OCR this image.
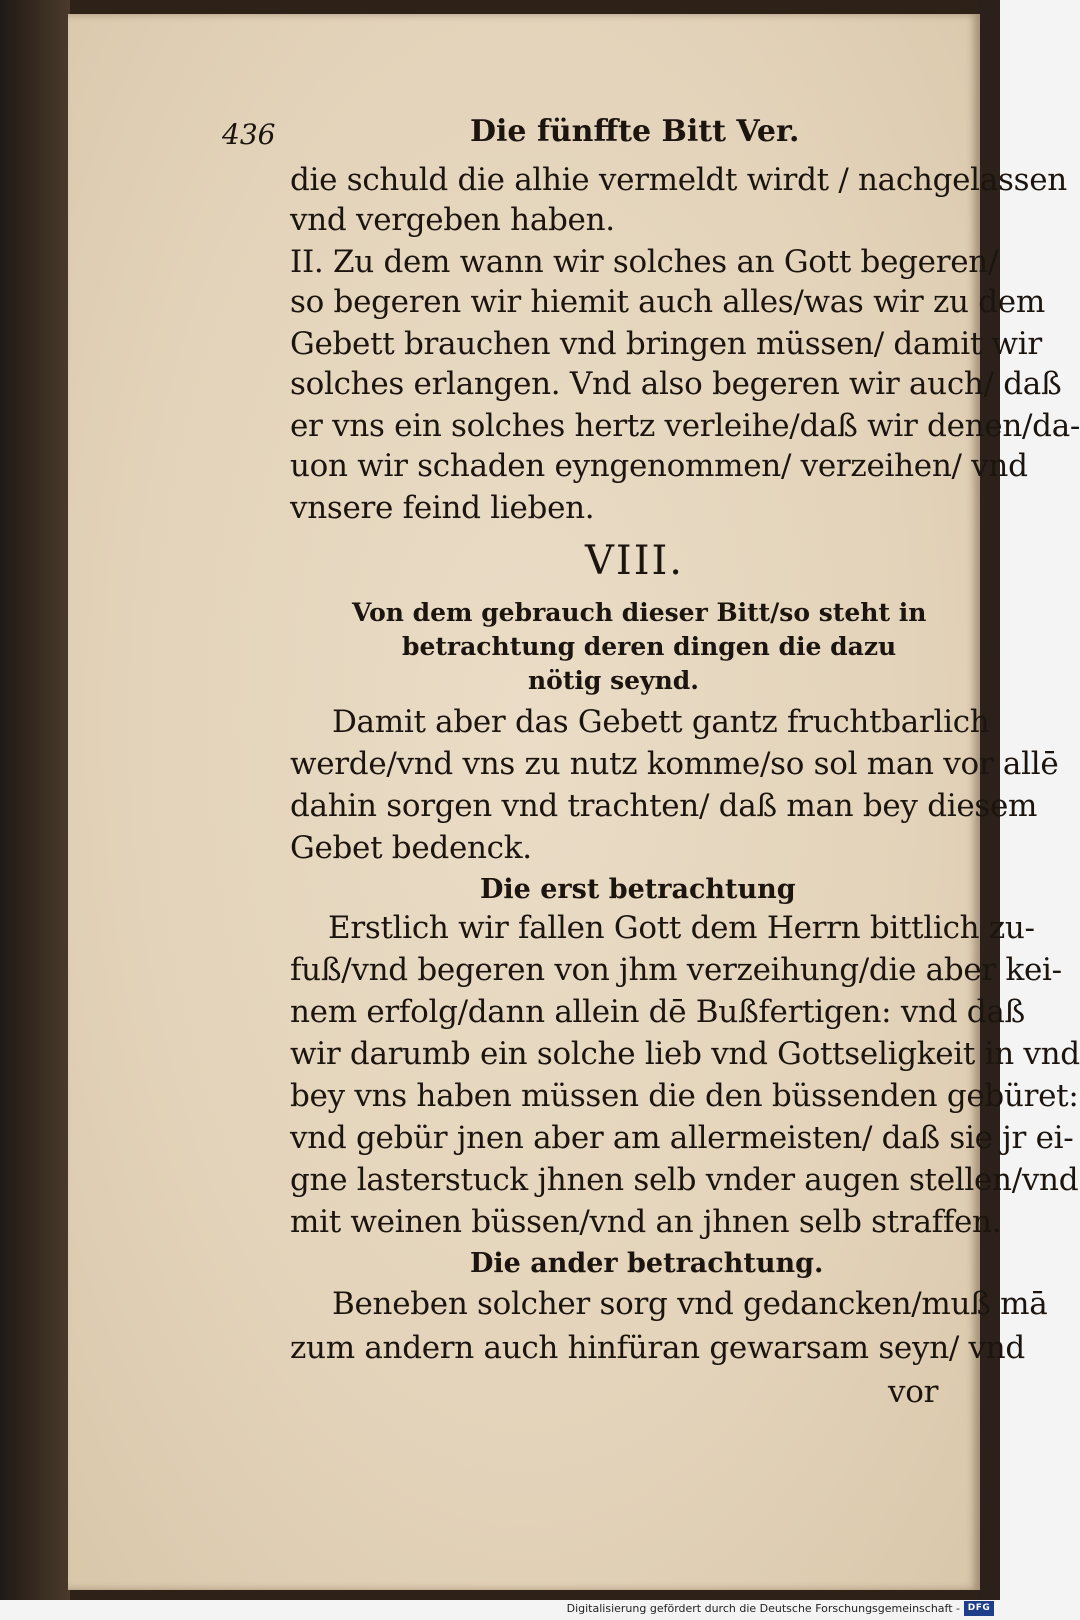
436	Die fünffte Bitt Ver.
die schuld die alhie vermeldt wirdt / nachgelassen
vnd vergeben haben.
II. Zu dem wann wir solches an Gott begeren/
so begeren wir hiemit auch alles/was wir zu dem
Gebett brauchen vnd bringen müssen/ damit wir
solches erlangen. Vnd also begeren wir auch/ daß
er vns ein solches hertz verleihe/daß wir denen/da-
uon wir schaden eyngenommen/ verzeihen/ vnd
vnsere feind lieben.
VIII.
Von dem gebrauch dieser Bitt/so steht in
betrachtung deren dingen die dazu
nötig seynd.
Damit aber das Gebett gantz fruchtbarlich
werde/vnd vns zu nutz komme/so sol man vor allē
dahin sorgen vnd trachten/ daß man bey diesem
Gebet bedenck.
Die erst betrachtung
Erstlich wir fallen Gott dem Herrn bittlich zu-
fuß/vnd begeren von jhm verzeihung/die aber kei-
nem erfolg/dann allein dē Bußfertigen: vnd daß
wir darumb ein solche lieb vnd Gottseligkeit in vnd
bey vns haben müssen die den büssenden gebüret:
vnd gebür jnen aber am allermeisten/ daß sie jr ei-
gne lasterstuck jhnen selb vnder augen stellen/vnd
mit weinen büssen/vnd an jhnen selb straffen.
Die ander betrachtung.
Beneben solcher sorg vnd gedancken/muß mā
zum andern auch hinfüran gewarsam seyn/ vnd
vor
Digitalisierung gefördert durch die Deutsche Forschungsgemeinschaft - DFG
